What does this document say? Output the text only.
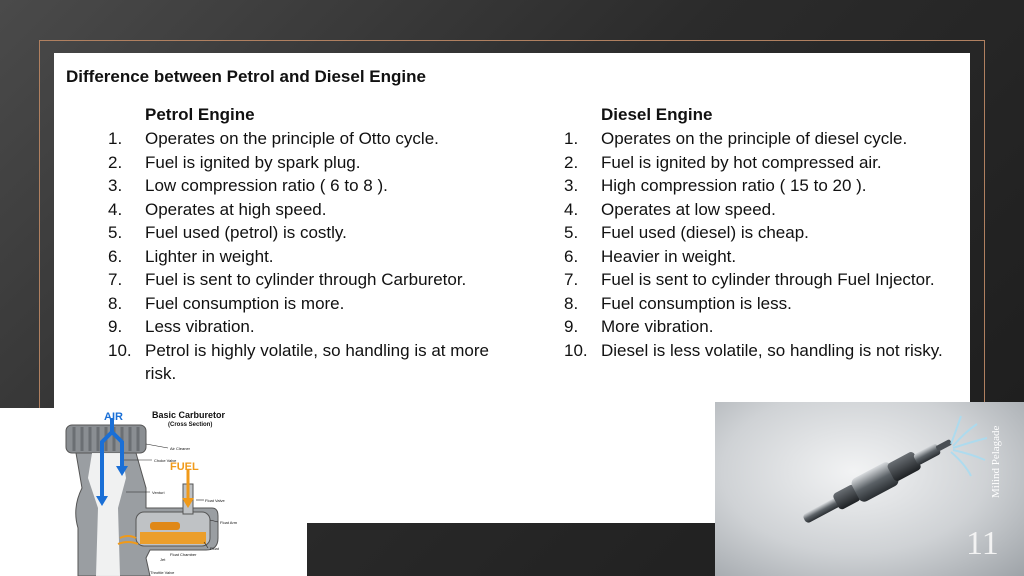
Difference between Petrol and Diesel Engine
Petrol Engine
1.	Operates on the principle of Otto cycle.
2.	Fuel is ignited by spark plug.
3.	Low compression ratio ( 6 to 8 ).
4.	Operates at high speed.
5.	Fuel used (petrol) is costly.
6.	Lighter in weight.
7.	Fuel is sent to cylinder through Carburetor.
8.	Fuel consumption is more.
9.	Less vibration.
10. Petrol is highly volatile, so handling is at more risk.
Diesel Engine
1.	Operates on the principle of diesel cycle.
2.	Fuel is ignited by hot compressed air.
3.	High compression ratio ( 15 to 20 ).
4.	Operates at low speed.
5.	Fuel used (diesel) is cheap.
6.	Heavier in weight.
7.	Fuel is sent to cylinder through Fuel Injector.
8.	Fuel consumption is less.
9.	More vibration.
10. Diesel is less volatile, so handling is not risky.
AIR	Basic Carburetor
(Cross Section)
FUEL
Air Cleaner
Choke Valve
Venturi
Float Valve
Float Arm
Float
Float Chamber
Jet
Throttle Valve
Milind Pelagade
11
